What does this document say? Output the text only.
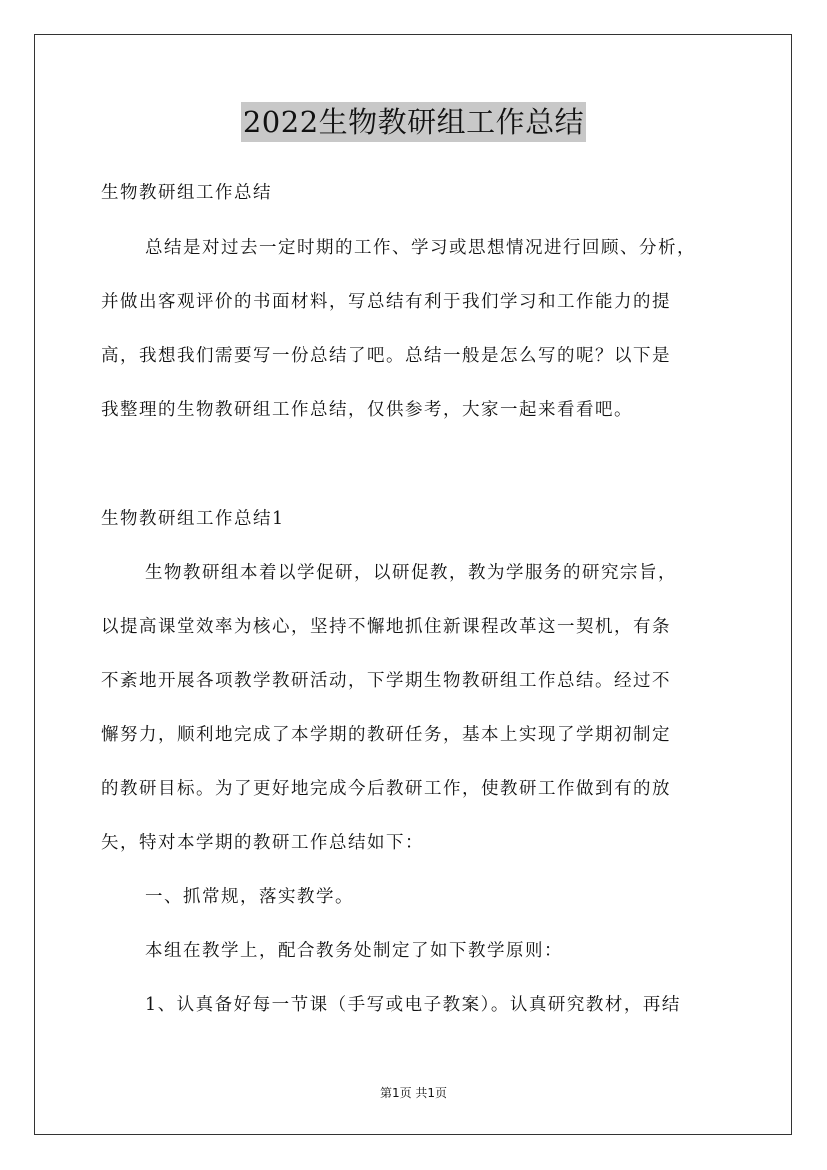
2022生物教研组工作总结
生物教研组工作总结
总结是对过去一定时期的工作、学习或思想情况进行回顾、分析，
并做出客观评价的书面材料，写总结有利于我们学习和工作能力的提
高，我想我们需要写一份总结了吧。总结一般是怎么写的呢？以下是
我整理的生物教研组工作总结，仅供参考，大家一起来看看吧。
生物教研组工作总结1
生物教研组本着以学促研，以研促教，教为学服务的研究宗旨，
以提高课堂效率为核心，坚持不懈地抓住新课程改革这一契机，有条
不紊地开展各项教学教研活动，下学期生物教研组工作总结。经过不
懈努力，顺利地完成了本学期的教研任务，基本上实现了学期初制定
的教研目标。为了更好地完成今后教研工作，使教研工作做到有的放
矢，特对本学期的教研工作总结如下：
一、抓常规，落实教学。
本组在教学上，配合教务处制定了如下教学原则：
1、认真备好每一节课（手写或电子教案）。认真研究教材，再结
第1页 共1页
